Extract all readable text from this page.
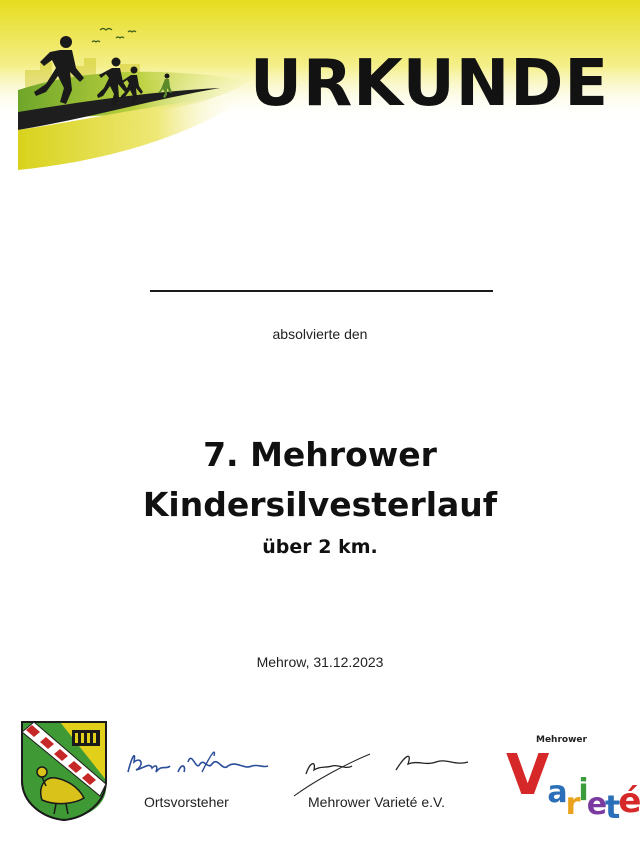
URKUNDE
absolvierte den
7. Mehrower
Kindersilvesterlauf
über 2 km.
Mehrow, 31.12.2023
Ortsvorsteher	Mehrower Varieté e.V.
Mehrower
Varieté
